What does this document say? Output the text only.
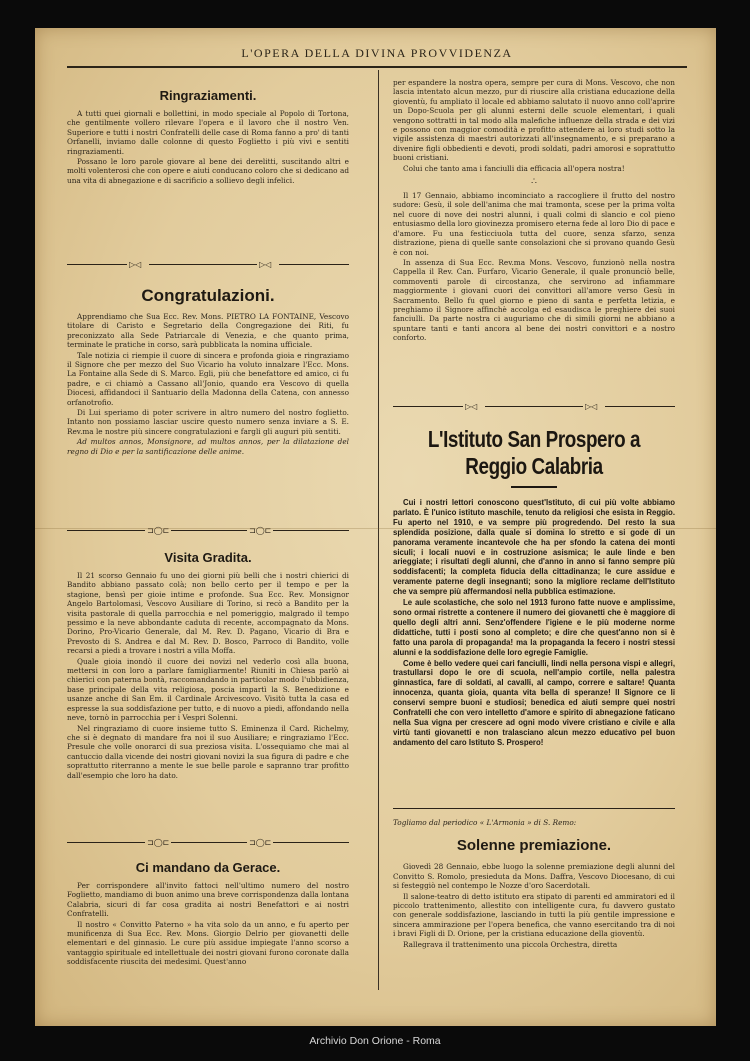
L'OPERA DELLA DIVINA PROVVIDENZA
Ringraziamenti.

A tutti quei giornali e bollettini, in modo speciale al Popolo di Tortona, che gentilmente vollero rilevare l'opera e il lavoro che il nostro Ven. Superiore e tutti i nostri Confratelli delle case di Roma fanno a pro' di tanti Orfanelli, inviamo dalle colonne di questo Foglietto i più vivi e sentiti ringraziamenti.

Possano le loro parole giovare al bene dei derelitti, suscitando altri e molti volenterosi che con opere e aiuti conducano coloro che si dedicano ad una vita di abnegazione e di sacrificio a sollievo degli infelici.

▷◁	▷◁
Congratulazioni.

Apprendiamo che Sua Ecc. Rev. Mons. PIETRO LA FONTAINE, Vescovo titolare di Caristo e Segretario della Congregazione dei Riti, fu preconizzato alla Sede Patriarcale di Venezia, e che quanto prima, terminate le pratiche in corso, sarà pubblicata la nomina ufficiale.

Tale notizia ci riempie il cuore di sincera e profonda gioia e ringraziamo il Signore che per mezzo del Suo Vicario ha voluto innalzare l'Ecc. Mons. La Fontaine alla Sede di S. Marco. Egli, più che benefattore ed amico, ci fu padre, e ci chiamò a Cassano all'Jonio, quando era Vescovo di quella Diocesi, affidandoci il Santuario della Madonna della Catena, con annesso orfanotrofio.

Di Lui speriamo di poter scrivere in altro numero del nostro foglietto. Intanto non possiamo lasciar uscire questo numero senza inviare a S. E. Rev.ma le nostre più sincere congratulazioni e fargli gli auguri più sentiti.

Ad multos annos, Monsignore, ad multos annos, per la dilatazione del regno di Dio e per la santificazione delle anime.

⊐◯⊏	⊐◯⊏
Visita Gradita.

Il 21 scorso Gennaio fu uno dei giorni più belli che i nostri chierici di Bandito abbiano passato colà; non bello certo per il tempo e per la stagione, bensì per gioie intime e profonde. Sua Ecc. Rev. Monsignor Angelo Bartolomasi, Vescovo Ausiliare di Torino, si recò a Bandito per la visita pastorale di quella parrocchia e nel pomeriggio, malgrado il tempo pessimo e la neve abbondante caduta di recente, accompagnato da Mons. Dorino, Pro-Vicario Generale, dal M. Rev. D. Pagano, Vicario di Bra e Prevosto di S. Andrea e dal M. Rev. D. Bosco, Parroco di Bandito, volle recarsi a piedi a trovare i nostri a villa Moffa.

Quale gioia inondò il cuore dei novizi nel vederlo così alla buona, mettersi in con loro a parlare famigliarmente! Riuniti in Chiesa parlò ai chierici con paterna bontà, raccomandando in particolar modo l'ubbidienza, base principale della vita religiosa, poscia impartì la S. Benedizione e usanze anche di San Em. il Cardinale Arcivescovo. Visitò tutta la casa ed espresse la sua soddisfazione per tutto, e di nuovo a piedi, affondando nella neve, tornò in parrocchia per i Vespri Solenni.

Nel ringraziamo di cuore insieme tutto S. Eminenza il Card. Richelmy, che si è degnato di mandare fra noi il suo Ausiliare; e ringraziamo l'Ecc. Presule che volle onorarci di sua preziosa visita. L'ossequiamo che mai al cantuccio dalla vicende dei nostri giovani novizi la sua figura di padre e che soprattutto riterranno a mente le sue belle parole e sapranno trar profitto dall'esempio che loro ha dato.

⊐◯⊏	⊐◯⊏
Ci mandano da Gerace.

Per corrispondere all'invito fattoci nell'ultimo numero del nostro Foglietto, mandiamo di buon animo una breve corrispondenza dalla lontana Calabria, sicuri di far cosa gradita ai nostri Benefattori e ai nostri Confratelli.

Il nostro « Convitto Paterno » ha vita solo da un anno, e fu aperto per munificenza di Sua Ecc. Rev. Mons. Giorgio Delrio per giovanetti delle elementari e del ginnasio. Le cure più assidue impiegate l'anno scorso a vantaggio spirituale ed intellettuale dei nostri giovani furono coronate dalla soddisfacente riuscita dei medesimi. Quest'anno

per espandere la nostra opera, sempre per cura di Mons. Vescovo, che non lascia intentato alcun mezzo, pur di riuscire alla cristiana educazione della gioventù, fu ampliato il locale ed abbiamo salutato il nuovo anno coll'aprire un Dopo-Scuola per gli alunni esterni delle scuole elementari, i quali vengono sottratti in tal modo alla malefiche influenze della strada e dei vizi e possono con maggior comodità e profitto attendere ai loro studi sotto la vigile assistenza di maestri autorizzati all'insegnamento, e si preparano a divenire figli obbedienti e devoti, prodi soldati, padri amorosi e soprattutto buoni cristiani.

Colui che tanto ama i fanciulli dia efficacia all'opera nostra!

∴

Il 17 Gennaio, abbiamo incominciato a raccogliere il frutto del nostro sudore: Gesù, il sole dell'anima che mai tramonta, scese per la prima volta nel cuore di nove dei nostri alunni, i quali colmi di slancio e col pieno entusiasmo della loro giovinezza promisero eterna fede al loro Dio di pace e d'amore. Fu una festicciuola tutta del cuore, senza sfarzo, senza distrazione, piena di quelle sante consolazioni che si provano quando Gesù è con noi.

In assenza di Sua Ecc. Rev.ma Mons. Vescovo, funzionò nella nostra Cappella il Rev. Can. Furfaro, Vicario Generale, il quale pronunciò belle, commoventi parole di circostanza, che servirono ad infiammare maggiormente i giovani cuori dei convittori all'amore verso Gesù in Sacramento. Bello fu quel giorno e pieno di santa e perfetta letizia, e preghiamo il Signore affinchè accolga ed esaudisca le preghiere dei suoi fanciulli. Da parte nostra ci auguriamo che di simili giorni ne abbiano a spuntare tanti e tanti ancora al bene dei nostri convittori e a nostro conforto.

▷◁	▷◁
L'Istituto San Prospero a Reggio Calabria

Cui i nostri lettori conoscono quest'Istituto, di cui più volte abbiamo parlato. È l'unico istituto maschile, tenuto da religiosi che esista in Reggio. Fu aperto nel 1910, e va sempre più progredendo. Del resto la sua splendida posizione, dalla quale si domina lo stretto e si gode di un panorama veramente incantevole che ha per sfondo la catena dei monti siculi; i locali nuovi e in costruzione asismica; le aule linde e ben arieggiate; i risultati degli alunni, che d'anno in anno si fanno sempre più soddisfacenti; la completa fiducia della cittadinanza; le cure assidue e veramente paterne degli insegnanti; sono la migliore reclame dell'Istituto che va sempre più affermandosi nella pubblica estimazione.

Le aule scolastiche, che solo nel 1913 furono fatte nuove e amplissime, sono ormai ristrette a contenere il numero dei giovanetti che è maggiore di quello degli altri anni. Senz'offendere l'igiene e le più moderne norme didattiche, tutti i posti sono al completo; e dire che quest'anno non si è fatto una parola di propaganda! ma la propaganda la fecero i nostri stessi alunni e la soddisfazione delle loro egregie Famiglie.

Come è bello vedere quei cari fanciulli, lindi nella persona vispi e allegri, trastullarsi dopo le ore di scuola, nell'ampio cortile, nella palestra ginnastica, fare di soldati, al cavalli, al campo, correre e saltare! Quanta innocenza, quanta gioia, quanta vita bella di speranze! Il Signore ce li conservi sempre buoni e studiosi; benedica ed aiuti sempre quei nostri Confratelli che con vero intelletto d'amore e spirito di abnegazione faticano nella Sua vigna per crescere ad ogni modo vivere cristiano e civile e alla virtù tanti giovanetti e non tralasciano alcun mezzo educativo pel buon andamento del caro Istituto S. Prospero!

Togliamo dal periodico « L'Armonia » di S. Remo:

Solenne premiazione.

Giovedì 28 Gennaio, ebbe luogo la solenne premiazione degli alunni del Convitto S. Romolo, presieduta da Mons. Daffra, Vescovo Diocesano, di cui si festeggiò nel contempo le Nozze d'oro Sacerdotali.

Il salone-teatro di detto istituto era stipato di parenti ed ammiratori ed il piccolo trattenimento, allestito con intelligente cura, fu davvero gustato con generale soddisfazione, lasciando in tutti la più gentile impressione e sincera ammirazione per l'opera benefica, che vanno esercitando tra di noi i bravi Figli di D. Orione, per la cristiana educazione della gioventù.

Rallegrava il trattenimento una piccola Orchestra, diretta

Archivio Don Orione - Roma
